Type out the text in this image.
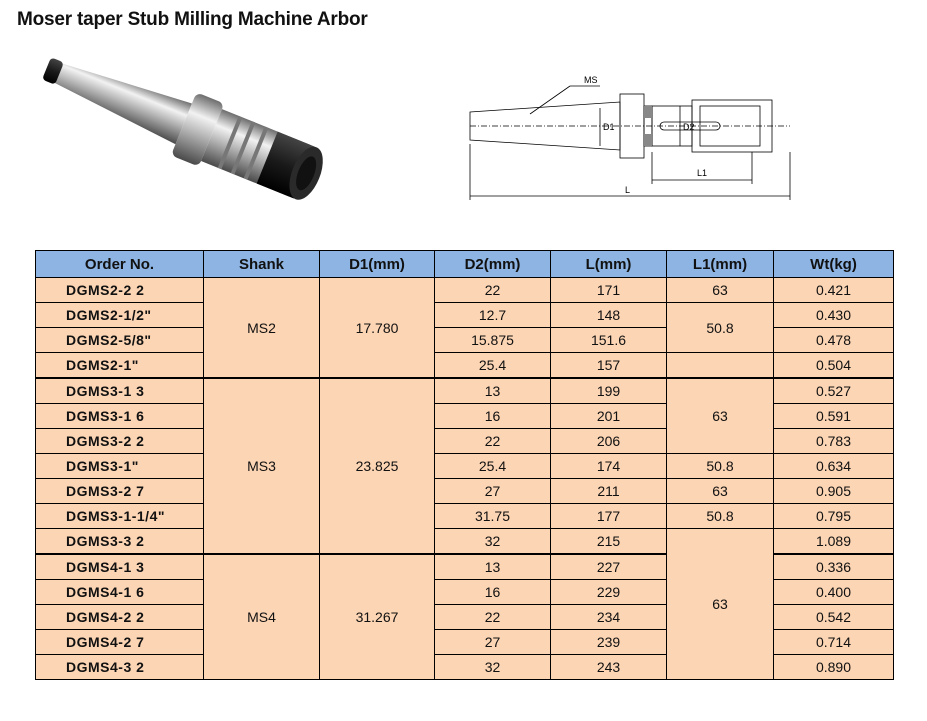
Moser taper Stub Milling Machine Arbor
MS
D1	D2
L1
L
Order No.	Shank	D1(mm)	D2(mm)	L(mm)	L1(mm)	Wt(kg)
DGMS2-2 2	MS2	17.780	22	171	63	0.421
DGMS2-1/2"			12.7	148	50.8	0.430
DGMS2-5/8"			15.875	151.6		0.478
DGMS2-1"			25.4	157		0.504
DGMS3-1 3	MS3	23.825	13	199	63	0.527
DGMS3-1 6			16	201		0.591
DGMS3-2 2			22	206		0.783
DGMS3-1"			25.4	174	50.8	0.634
DGMS3-2 7			27	211	63	0.905
DGMS3-1-1/4"			31.75	177	50.8	0.795
DGMS3-3 2			32	215	63	1.089
DGMS4-1 3	MS4	31.267	13	227		0.336
DGMS4-1 6			16	229		0.400
DGMS4-2 2			22	234		0.542
DGMS4-2 7			27	239		0.714
DGMS4-3 2			32	243		0.890
